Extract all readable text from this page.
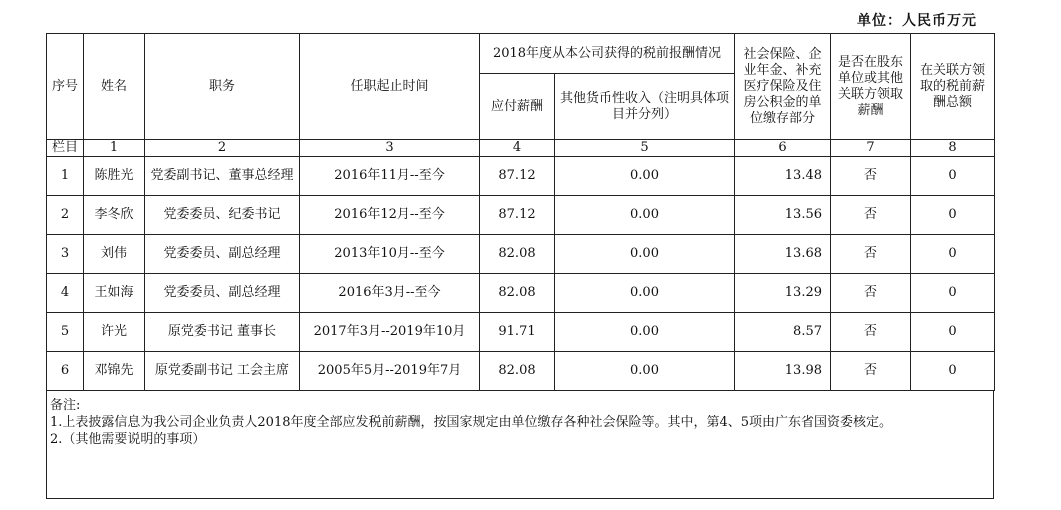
单位：人民币万元
序号	姓名	职务	任职起止时间	2018年度从本公司获得的税前报酬情况		社会保险、企业年金、补充医疗保险及住房公积金的单位缴存部分	是否在股东单位或其他关联方领取薪酬	在关联方领取的税前薪酬总额
				应付薪酬	其他货币性收入（注明具体项目并分列）			
栏目	1	2	3	4	5	6	7	8
1	陈胜光	党委副书记、董事总经理	2016年11月--至今	87.12	0.00	13.48	否	0
2	李冬欣	党委委员、纪委书记	2016年12月--至今	87.12	0.00	13.56	否	0
3	刘伟	党委委员、副总经理	2013年10月--至今	82.08	0.00	13.68	否	0
4	王如海	党委委员、副总经理	2016年3月--至今	82.08	0.00	13.29	否	0
5	许光	原党委书记 董事长	2017年3月--2019年10月	91.71	0.00	8.57	否	0
6	邓锦先	原党委副书记 工会主席	2005年5月--2019年7月	82.08	0.00	13.98	否	0
备注:
1.上表披露信息为我公司企业负责人2018年度全部应发税前薪酬，按国家规定由单位缴存各种社会保险等。其中，第4、5项由广东省国资委核定。
2.（其他需要说明的事项）
